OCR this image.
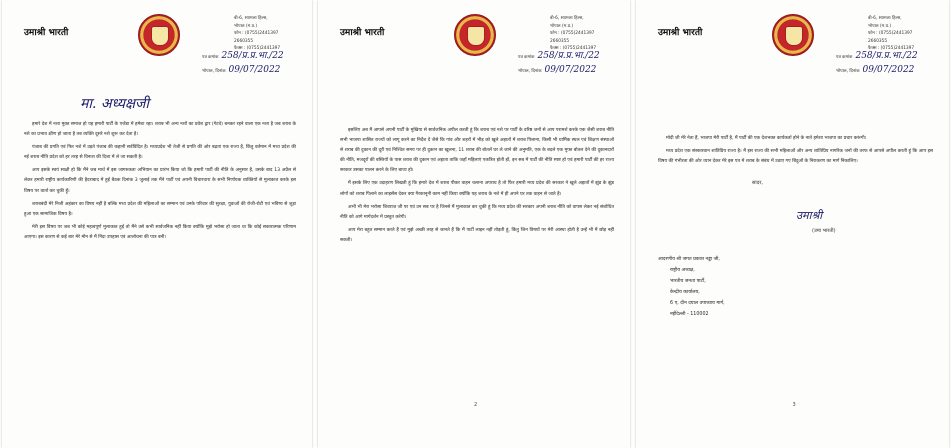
उमाश्री भारती
बी-6, श्यामला हिल्स,
भोपाल (म.प्र.)
फोन : (0755)2441397
2660355
फैक्स : (0755)2441397
पत्र क्रमांक 258/प्र.प्र.भा./22
भोपाल, दिनांक 09/07/2022
मा. अध्यक्षजी

हमारे देश में नशा मुक्त समाज हो यह हमारी पार्टी के एजेंडा में हमेशा रहा। शराब भी अन्य नशों का प्रवेश द्वार (गेटवे) बनकर रहने वाला एक नशा है जब शराब के नशे का प्रभाव क्षीण हो जाता है तब व्यक्ति दूसरे नशे शुरू कर देता है।

पंजाब की प्रगति एवं फिर नशे में उड़ते पंजाब की कहानी सर्वविदित है। मध्यप्रदेश भी तेजी से प्रगति की ओर बढ़ता एक राज्य है, किंतु वर्तमान में मध्य प्रदेश की नई शराब नीति प्रदेश को हर तरह से विनाश की दिशा में ले जा सकती है।

आप इसके स्वयं साक्षी हो कि मैंने जब मार्च में इस जागरुकता अभियान का प्रारंभ किया जो कि हमारी पार्टी की नीति के अनुसार है, उसके बाद 13 अप्रैल से लेकर हमारी राष्ट्रीय कार्यकारिणी की हैदराबाद में हुई बैठक दिनांक 3 जुलाई तक मैंने पार्टी एवं अपनी विचारधारा के सभी निर्णायक व्यक्तियों से मुलाकात करके इस विषय पर वार्ता कर चुकी हूँ।

शराबबंदी मेरे निजी अहंकार का विषय नहीं है बल्कि मध्य प्रदेश की महिलाओं का सम्मान एवं उनके परिवार की सुरक्षा, युवाओं की रोजी-रोटी एवं भविष्य से जुड़ा हुआ एक सामाजिक विषय है।

मेरी इस विषय पर जब भी कोई महत्वपूर्ण मुलाकात हुई तो मैंने उसे कभी सार्वजनिक नहीं किया क्योंकि मुझे भरोसा हो जाता था कि कोई सकारात्मक परिणाम आएगा। इस कारण से कई बार मेरे मौन से मैं निंदा उपहास एवं आलोचना की पात्र बनी।

उमाश्री भारती
बी-6, श्यामला हिल्स,
भोपाल (म.प्र.)
फोन : (0755)2441397
2660355
फैक्स : (0755)2441397
पत्र क्रमांक 258/प्र.प्र.भा./22
भोपाल, दिनांक 09/07/2022

इसलिए अब मैं आपसे अपनी पार्टी के मुखिया से सार्वजनिक अपील करती हूं कि शराब एवं नशे पर पार्टी के वरिष्ठ जनों से आप परामर्श करके एक जैसी शराब नीति सभी भाजपा शासित राज्यों को लागू करने का निर्देश दें जैसे कि गांव और शहरों में भीड़ को खुले अहातों में शराब पिलाना, किसी भी धार्मिक स्थल एवं शिक्षण संस्थाओं से शराब की दुकान की दूरी एवं निश्चित समय पर ही दुकान का खुलना, 11 शराब की बोतलें घर ले जाने की अनुमति, एक के बदले एक मुफ्त बोतल देने की दुकानदारों की नीति, मजदूरों की बस्तियों के पास शराब की दुकान एवं अहाता ताकि जहाँ महिलाएं एकत्रित होती हों, इन सब में पार्टी की नीति स्पष्ट हो एवं हमारी पार्टी की हर राज्य सरकार उसका पालन करने के लिए बाध्य हो।

मैं इसके लिए एक उदाहरण लिखती हूं कि हमारे देश में शराब पीकर वाहन चलाना अपराध है तो फिर हमारी मध्य प्रदेश की सरकार ने खुले अहातों में झुंड के झुंड लोगों को शराब पिलाने का लाइसेंस देकर क्या गैरकानूनी काम नहीं किया क्योंकि यह शराब के नशे में ही अपने घर तक वाहन से जाते हैं।

अभी भी मेरा भरोसा शिवराज जी पर एवं उन सब पर है जिनसे मैं मुलाकात कर चुकी हूं कि मध्य प्रदेश की सरकार अपनी शराब नीति को वापस लेकर नई संशोधित नीति को आगे मार्गदर्शन में प्रस्तुत करेगी।

आप मेरा बहुत सम्मान करते हैं एवं मुझे अच्छी तरह से जानते हैं कि मैं पार्टी लाइन नहीं तोड़ती हूं, किंतु जिन विषयों पर मेरी आस्था होती है उन्हें भी मैं छोड़ नहीं सकती।

2
उमाश्री भारती
बी-6, श्यामला हिल्स,
भोपाल (म.प्र.)
फोन : (0755)2441397
2660355
फैक्स : (0755)2441397
पत्र क्रमांक 258/प्र.प्र.भा./22
भोपाल, दिनांक 09/07/2022

मोदी जी मेरे नेता हैं, भाजपा मेरी पार्टी है, मैं पार्टी की एक देशभक्त कार्यकर्ता होने के नाते हमेशा भाजपा का प्रचार करूंगी।

मध्य प्रदेश एक संस्कारवान शांतिप्रिय राज्य है। मैं इस राज्य की सभी महिलाओं और अन्य शांतिप्रिय नागरिक जनों की तरफ से आपसे अपील करती हूं कि आप इस विषय की गंभीरता की ओर ध्यान देकर मेरे इस पत्र में शराब के संबंध में उठाए गए बिंदुओं के निराकरण का मार्ग निकालिए।

सादर,
उमाश्री
(उमा भारती)
आदरणीय श्री जगत प्रकाश नड्डा जी,
राष्ट्रीय अध्यक्ष,
भारतीय जनता पार्टी,
केन्द्रीय कार्यालय,
6 ए, दीन दयाल उपाध्याय मार्ग,
नईदिल्ली - 110002
3
